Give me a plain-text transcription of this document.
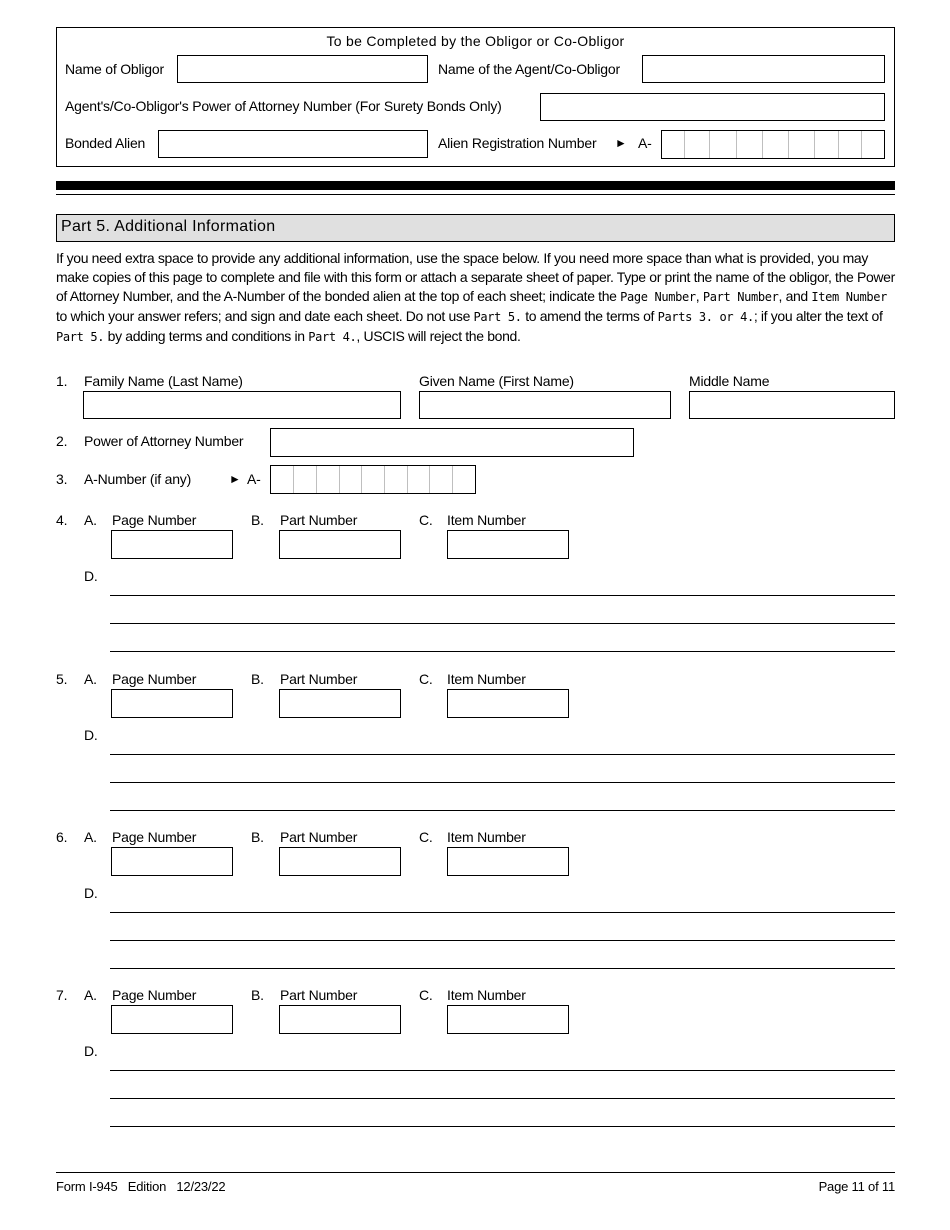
To be Completed by the Obligor or Co-Obligor
Name of Obligor	Name of the Agent/Co-Obligor
Agent's/Co-Obligor's Power of Attorney Number (For Surety Bonds Only)
Bonded Alien	Alien Registration Number ► A-
Part 5. Additional Information
If you need extra space to provide any additional information, use the space below. If you need more space than what is provided, you may make copies of this page to complete and file with this form or attach a separate sheet of paper. Type or print the name of the obligor, the Power of Attorney Number, and the A-Number of the bonded alien at the top of each sheet; indicate the Page Number, Part Number, and Item Number to which your answer refers; and sign and date each sheet. Do not use Part 5. to amend the terms of Parts 3. or 4.; if you alter the text of Part 5. by adding terms and conditions in Part 4., USCIS will reject the bond.
1. Family Name (Last Name)	Given Name (First Name)	Middle Name
2. Power of Attorney Number
3. A-Number (if any)	► A-
4. A. Page Number	B. Part Number	C. Item Number
D.
5. A. Page Number	B. Part Number	C. Item Number
D.
6. A. Page Number	B. Part Number	C. Item Number
D.
7. A. Page Number	B. Part Number	C. Item Number
D.
Form I-945   Edition   12/23/22	Page 11 of 11
